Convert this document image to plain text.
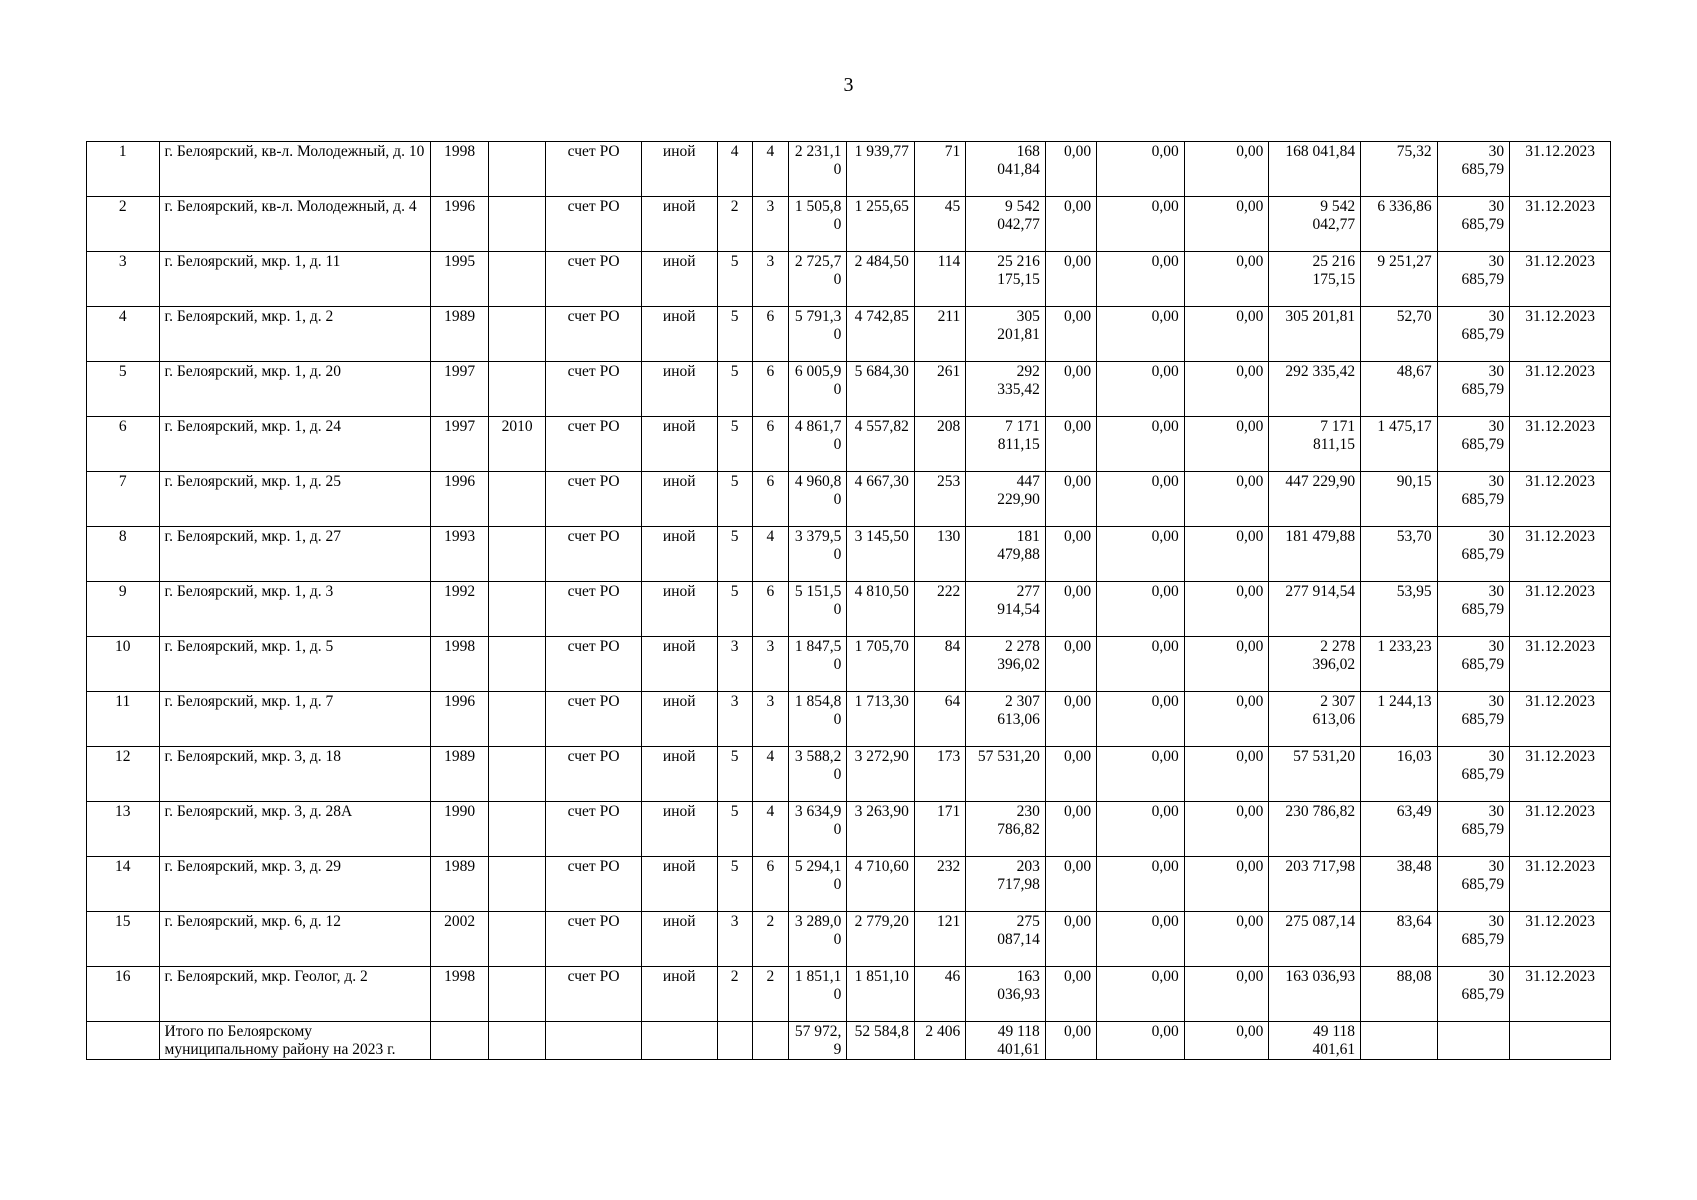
3
1	г. Белоярский, кв-л. Молодежный, д. 10	1998		счет РО	иной	4	4	2 231,10	1 939,77	71	168 041,84	0,00	0,00	0,00	168 041,84	75,32	30 685,79	31.12.2023
2	г. Белоярский, кв-л. Молодежный, д. 4	1996		счет РО	иной	2	3	1 505,80	1 255,65	45	9 542 042,77	0,00	0,00	0,00	9 542 042,77	6 336,86	30 685,79	31.12.2023
3	г. Белоярский, мкр. 1, д. 11	1995		счет РО	иной	5	3	2 725,70	2 484,50	114	25 216 175,15	0,00	0,00	0,00	25 216 175,15	9 251,27	30 685,79	31.12.2023
4	г. Белоярский, мкр. 1, д. 2	1989		счет РО	иной	5	6	5 791,30	4 742,85	211	305 201,81	0,00	0,00	0,00	305 201,81	52,70	30 685,79	31.12.2023
5	г. Белоярский, мкр. 1, д. 20	1997		счет РО	иной	5	6	6 005,90	5 684,30	261	292 335,42	0,00	0,00	0,00	292 335,42	48,67	30 685,79	31.12.2023
6	г. Белоярский, мкр. 1, д. 24	1997	2010	счет РО	иной	5	6	4 861,70	4 557,82	208	7 171 811,15	0,00	0,00	0,00	7 171 811,15	1 475,17	30 685,79	31.12.2023
7	г. Белоярский, мкр. 1, д. 25	1996		счет РО	иной	5	6	4 960,80	4 667,30	253	447 229,90	0,00	0,00	0,00	447 229,90	90,15	30 685,79	31.12.2023
8	г. Белоярский, мкр. 1, д. 27	1993		счет РО	иной	5	4	3 379,50	3 145,50	130	181 479,88	0,00	0,00	0,00	181 479,88	53,70	30 685,79	31.12.2023
9	г. Белоярский, мкр. 1, д. 3	1992		счет РО	иной	5	6	5 151,50	4 810,50	222	277 914,54	0,00	0,00	0,00	277 914,54	53,95	30 685,79	31.12.2023
10	г. Белоярский, мкр. 1, д. 5	1998		счет РО	иной	3	3	1 847,50	1 705,70	84	2 278 396,02	0,00	0,00	0,00	2 278 396,02	1 233,23	30 685,79	31.12.2023
11	г. Белоярский, мкр. 1, д. 7	1996		счет РО	иной	3	3	1 854,80	1 713,30	64	2 307 613,06	0,00	0,00	0,00	2 307 613,06	1 244,13	30 685,79	31.12.2023
12	г. Белоярский, мкр. 3, д. 18	1989		счет РО	иной	5	4	3 588,20	3 272,90	173	57 531,20	0,00	0,00	0,00	57 531,20	16,03	30 685,79	31.12.2023
13	г. Белоярский, мкр. 3, д. 28А	1990		счет РО	иной	5	4	3 634,90	3 263,90	171	230 786,82	0,00	0,00	0,00	230 786,82	63,49	30 685,79	31.12.2023
14	г. Белоярский, мкр. 3, д. 29	1989		счет РО	иной	5	6	5 294,10	4 710,60	232	203 717,98	0,00	0,00	0,00	203 717,98	38,48	30 685,79	31.12.2023
15	г. Белоярский, мкр. 6, д. 12	2002		счет РО	иной	3	2	3 289,00	2 779,20	121	275 087,14	0,00	0,00	0,00	275 087,14	83,64	30 685,79	31.12.2023
16	г. Белоярский, мкр. Геолог, д. 2	1998		счет РО	иной	2	2	1 851,10	1 851,10	46	163 036,93	0,00	0,00	0,00	163 036,93	88,08	30 685,79	31.12.2023
	Итого по Белоярскому муниципальному району на 2023 г.							57 972,9	52 584,8	2 406	49 118 401,61	0,00	0,00	0,00	49 118 401,61			
